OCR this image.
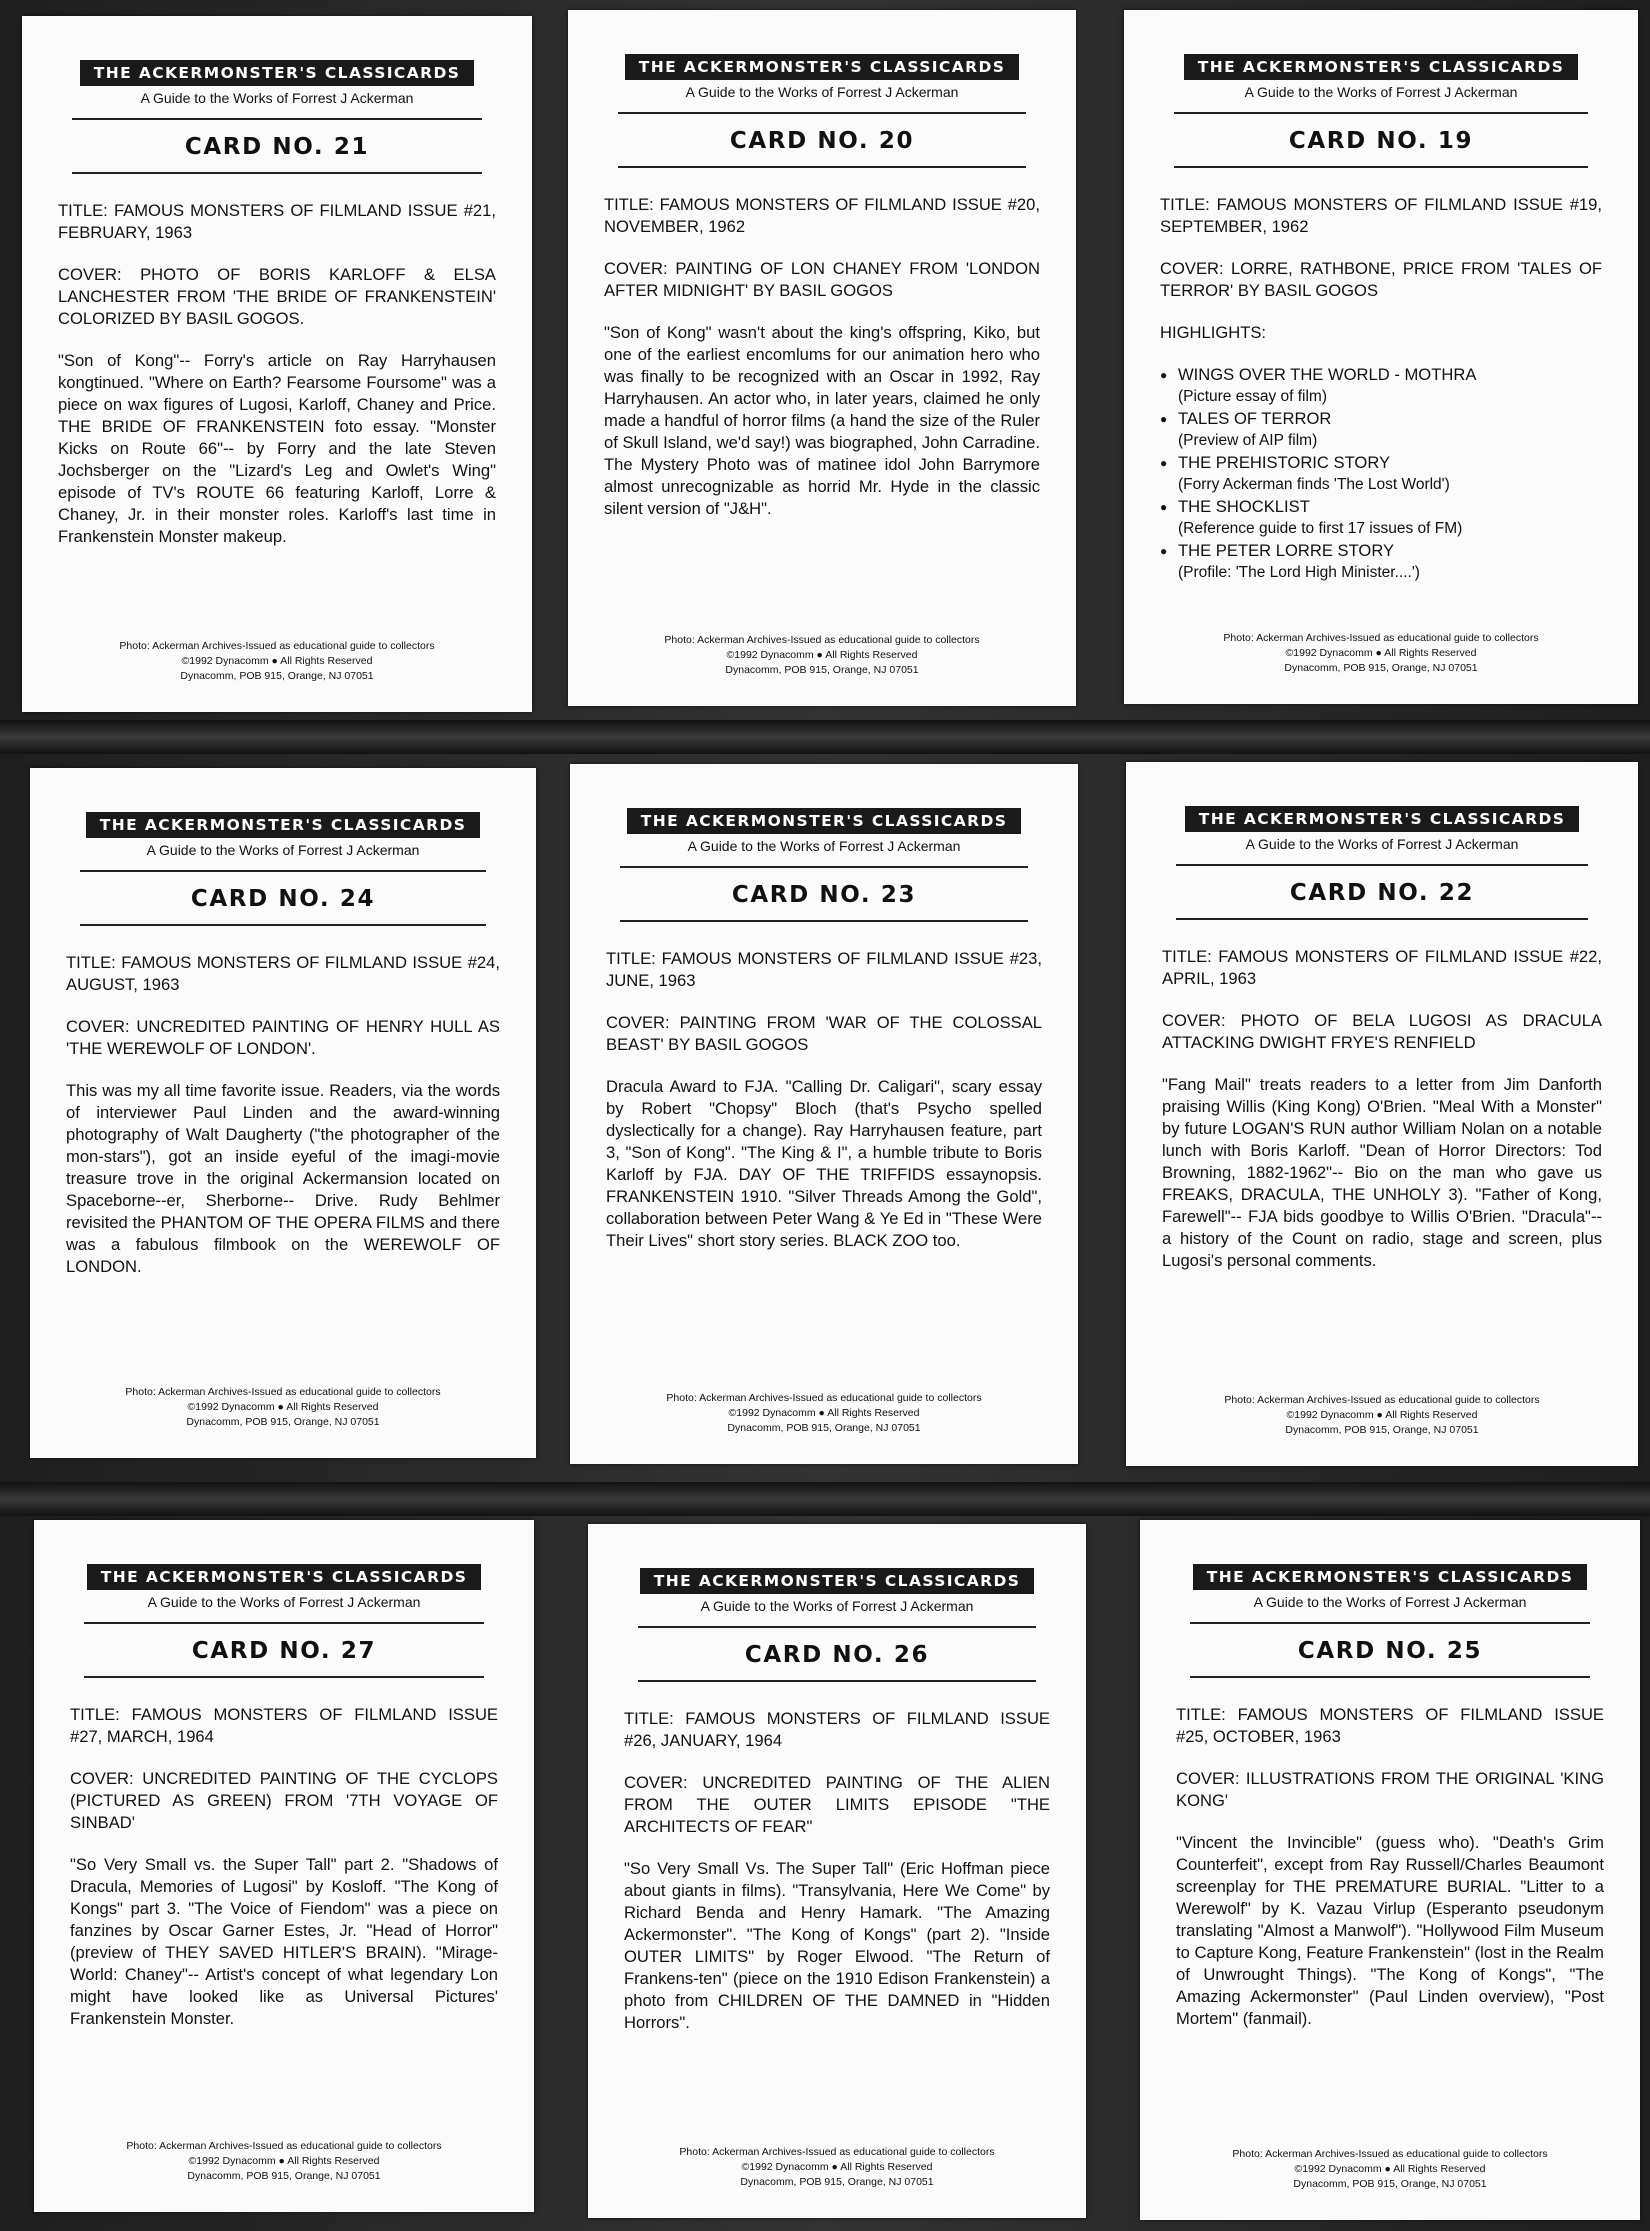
THE ACKERMONSTER'S CLASSICARDS
A Guide to the Works of Forrest J Ackerman
CARD NO. 21

TITLE: FAMOUS MONSTERS OF FILMLAND ISSUE #21, FEBRUARY, 1963

COVER: PHOTO OF BORIS KARLOFF & ELSA LANCHESTER FROM 'THE BRIDE OF FRANKENSTEIN' COLORIZED BY BASIL GOGOS.

"Son of Kong"-- Forry's article on Ray Harryhausen kongtinued. "Where on Earth? Fearsome Foursome" was a piece on wax figures of Lugosi, Karloff, Chaney and Price. THE BRIDE OF FRANKENSTEIN foto essay. "Monster Kicks on Route 66"-- by Forry and the late Steven Jochsberger on the "Lizard's Leg and Owlet's Wing" episode of TV's ROUTE 66 featuring Karloff, Lorre & Chaney, Jr. in their monster roles. Karloff's last time in Frankenstein Monster makeup.

Photo: Ackerman Archives-Issued as educational guide to collectors
©1992 Dynacomm ● All Rights Reserved
Dynacomm, POB 915, Orange, NJ 07051
THE ACKERMONSTER'S CLASSICARDS
A Guide to the Works of Forrest J Ackerman
CARD NO. 20

TITLE: FAMOUS MONSTERS OF FILMLAND ISSUE #20, NOVEMBER, 1962

COVER: PAINTING OF LON CHANEY FROM 'LONDON AFTER MIDNIGHT' BY BASIL GOGOS

"Son of Kong" wasn't about the king's offspring, Kiko, but one of the earliest encomlums for our animation hero who was finally to be recognized with an Oscar in 1992, Ray Harryhausen. An actor who, in later years, claimed he only made a handful of horror films (a hand the size of the Ruler of Skull Island, we'd say!) was biographed, John Carradine. The Mystery Photo was of matinee idol John Barrymore almost unrecognizable as horrid Mr. Hyde in the classic silent version of "J&H".

Photo: Ackerman Archives-Issued as educational guide to collectors
©1992 Dynacomm ● All Rights Reserved
Dynacomm, POB 915, Orange, NJ 07051
THE ACKERMONSTER'S CLASSICARDS
A Guide to the Works of Forrest J Ackerman
CARD NO. 19

TITLE: FAMOUS MONSTERS OF FILMLAND ISSUE #19, SEPTEMBER, 1962

COVER: LORRE, RATHBONE, PRICE FROM 'TALES OF TERROR' BY BASIL GOGOS

HIGHLIGHTS:

● WINGS OVER THE WORLD - MOTHRA
(Picture essay of film)
● TALES OF TERROR
(Preview of AIP film)
● THE PREHISTORIC STORY
(Forry Ackerman finds 'The Lost World')
● THE SHOCKLIST
(Reference guide to first 17 issues of FM)
● THE PETER LORRE STORY
(Profile: 'The Lord High Minister....')
Photo: Ackerman Archives-Issued as educational guide to collectors
©1992 Dynacomm ● All Rights Reserved
Dynacomm, POB 915, Orange, NJ 07051
THE ACKERMONSTER'S CLASSICARDS
A Guide to the Works of Forrest J Ackerman
CARD NO. 24

TITLE: FAMOUS MONSTERS OF FILMLAND ISSUE #24, AUGUST, 1963

COVER: UNCREDITED PAINTING OF HENRY HULL AS 'THE WEREWOLF OF LONDON'.

This was my all time favorite issue. Readers, via the words of interviewer Paul Linden and the award-winning photography of Walt Daugherty ("the photographer of the mon-stars"), got an inside eyeful of the imagi-movie treasure trove in the original Ackermansion located on Spaceborne--er, Sherborne-- Drive. Rudy Behlmer revisited the PHANTOM OF THE OPERA FILMS and there was a fabulous filmbook on the WEREWOLF OF LONDON.

Photo: Ackerman Archives-Issued as educational guide to collectors
©1992 Dynacomm ● All Rights Reserved
Dynacomm, POB 915, Orange, NJ 07051
THE ACKERMONSTER'S CLASSICARDS
A Guide to the Works of Forrest J Ackerman
CARD NO. 23

TITLE: FAMOUS MONSTERS OF FILMLAND ISSUE #23, JUNE, 1963

COVER: PAINTING FROM 'WAR OF THE COLOSSAL BEAST' BY BASIL GOGOS

Dracula Award to FJA. "Calling Dr. Caligari", scary essay by Robert "Chopsy" Bloch (that's Psycho spelled dyslectically for a change). Ray Harryhausen feature, part 3, "Son of Kong". "The King & I", a humble tribute to Boris Karloff by FJA. DAY OF THE TRIFFIDS essaynopsis. FRANKENSTEIN 1910. "Silver Threads Among the Gold", collaboration between Peter Wang & Ye Ed in "These Were Their Lives" short story series. BLACK ZOO too.

Photo: Ackerman Archives-Issued as educational guide to collectors
©1992 Dynacomm ● All Rights Reserved
Dynacomm, POB 915, Orange, NJ 07051
THE ACKERMONSTER'S CLASSICARDS
A Guide to the Works of Forrest J Ackerman
CARD NO. 22

TITLE: FAMOUS MONSTERS OF FILMLAND ISSUE #22, APRIL, 1963

COVER: PHOTO OF BELA LUGOSI AS DRACULA ATTACKING DWIGHT FRYE'S RENFIELD

"Fang Mail" treats readers to a letter from Jim Danforth praising Willis (King Kong) O'Brien. "Meal With a Monster" by future LOGAN'S RUN author William Nolan on a notable lunch with Boris Karloff. "Dean of Horror Directors: Tod Browning, 1882-1962"-- Bio on the man who gave us FREAKS, DRACULA, THE UNHOLY 3). "Father of Kong, Farewell"-- FJA bids goodbye to Willis O'Brien. "Dracula"-- a history of the Count on radio, stage and screen, plus Lugosi's personal comments.

Photo: Ackerman Archives-Issued as educational guide to collectors
©1992 Dynacomm ● All Rights Reserved
Dynacomm, POB 915, Orange, NJ 07051
THE ACKERMONSTER'S CLASSICARDS
A Guide to the Works of Forrest J Ackerman
CARD NO. 27

TITLE: FAMOUS MONSTERS OF FILMLAND ISSUE #27, MARCH, 1964

COVER: UNCREDITED PAINTING OF THE CYCLOPS (PICTURED AS GREEN) FROM '7TH VOYAGE OF SINBAD'

"So Very Small vs. the Super Tall" part 2. "Shadows of Dracula, Memories of Lugosi" by Kosloff. "The Kong of Kongs" part 3. "The Voice of Fiendom" was a piece on fanzines by Oscar Garner Estes, Jr. "Head of Horror" (preview of THEY SAVED HITLER'S BRAIN). "Mirage-World: Chaney"-- Artist's concept of what legendary Lon might have looked like as Universal Pictures' Frankenstein Monster.

Photo: Ackerman Archives-Issued as educational guide to collectors
©1992 Dynacomm ● All Rights Reserved
Dynacomm, POB 915, Orange, NJ 07051
THE ACKERMONSTER'S CLASSICARDS
A Guide to the Works of Forrest J Ackerman
CARD NO. 26

TITLE: FAMOUS MONSTERS OF FILMLAND ISSUE #26, JANUARY, 1964

COVER: UNCREDITED PAINTING OF THE ALIEN FROM THE OUTER LIMITS EPISODE "THE ARCHITECTS OF FEAR"

"So Very Small Vs. The Super Tall" (Eric Hoffman piece about giants in films). "Transylvania, Here We Come" by Richard Benda and Henry Hamark. "The Amazing Ackermonster". "The Kong of Kongs" (part 2). "Inside OUTER LIMITS" by Roger Elwood. "The Return of Frankens-ten" (piece on the 1910 Edison Frankenstein) a photo from CHILDREN OF THE DAMNED in "Hidden Horrors".

Photo: Ackerman Archives-Issued as educational guide to collectors
©1992 Dynacomm ● All Rights Reserved
Dynacomm, POB 915, Orange, NJ 07051
THE ACKERMONSTER'S CLASSICARDS
A Guide to the Works of Forrest J Ackerman
CARD NO. 25

TITLE: FAMOUS MONSTERS OF FILMLAND ISSUE #25, OCTOBER, 1963

COVER: ILLUSTRATIONS FROM THE ORIGINAL 'KING KONG'

"Vincent the Invincible" (guess who). "Death's Grim Counterfeit", except from Ray Russell/Charles Beaumont screenplay for THE PREMATURE BURIAL. "Litter to a Werewolf" by K. Vazau Virlup (Esperanto pseudonym translating "Almost a Manwolf"). "Hollywood Film Museum to Capture Kong, Feature Frankenstein" (lost in the Realm of Unwrought Things). "The Kong of Kongs", "The Amazing Ackermonster" (Paul Linden overview), "Post Mortem" (fanmail).

Photo: Ackerman Archives-Issued as educational guide to collectors
©1992 Dynacomm ● All Rights Reserved
Dynacomm, POB 915, Orange, NJ 07051
